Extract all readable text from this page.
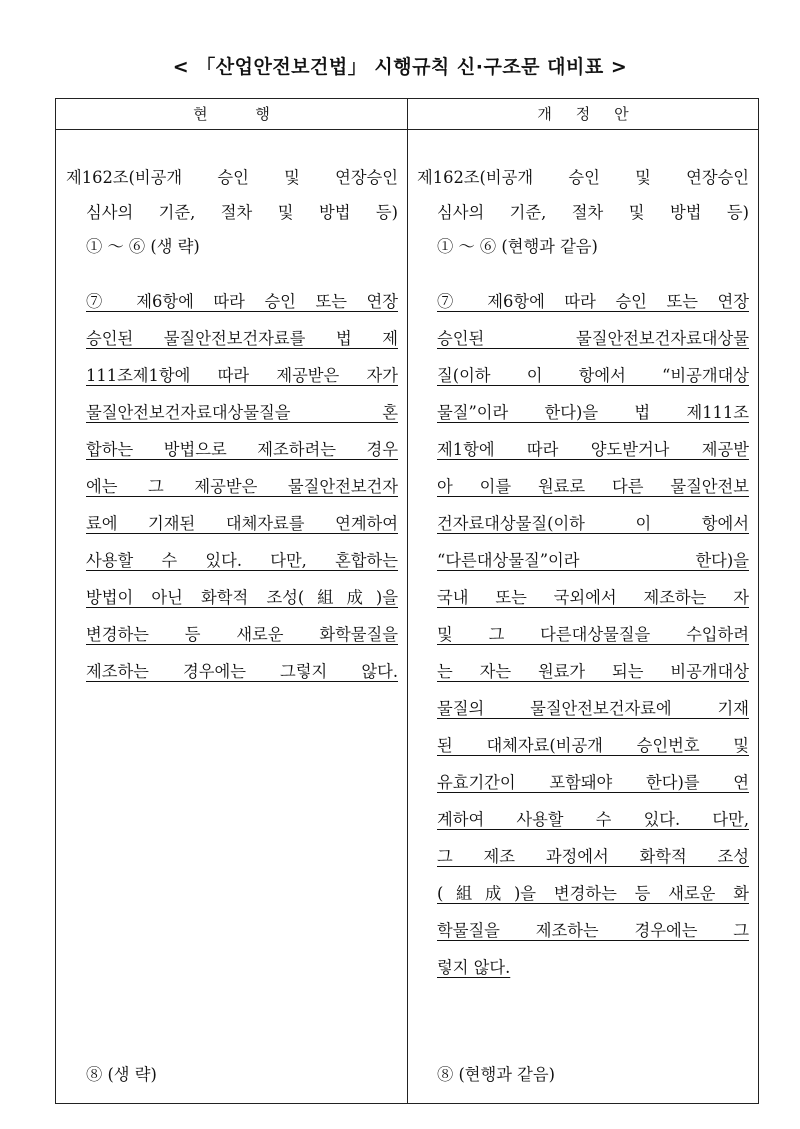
< 「산업안전보건법」 시행규칙 신·구조문 대비표 >
현          행	개     정     안
제162조(비공개 승인 및 연장승인
심사의 기준, 절차 및 방법 등)
① ～ ⑥ (생 략)
⑦ 제6항에 따라 승인 또는 연장
승인된 물질안전보건자료를 법 제
111조제1항에 따라 제공받은 자가
물질안전보건자료대상물질을 혼
합하는 방법으로 제조하려는 경우
에는 그 제공받은 물질안전보건자
료에 기재된 대체자료를 연계하여
사용할 수 있다. 다만, 혼합하는
방법이 아닌 화학적 조성(組成)을
변경하는 등 새로운 화학물질을
제조하는 경우에는 그렇지 않다.
⑧ (생 략)
제162조(비공개 승인 및 연장승인
심사의 기준, 절차 및 방법 등)
① ～ ⑥ (현행과 같음)
⑦ 제6항에 따라 승인 또는 연장
승인된 물질안전보건자료대상물
질(이하 이 항에서 “비공개대상
물질”이라 한다)을 법 제111조
제1항에 따라 양도받거나 제공받
아 이를 원료로 다른 물질안전보
건자료대상물질(이하 이 항에서
“다른대상물질”이라 한다)을
국내 또는 국외에서 제조하는 자
및 그 다른대상물질을 수입하려
는 자는 원료가 되는 비공개대상
물질의 물질안전보건자료에 기재
된 대체자료(비공개 승인번호 및
유효기간이 포함돼야 한다)를 연
계하여 사용할 수 있다. 다만,
그 제조 과정에서 화학적 조성
(組成)을 변경하는 등 새로운 화
학물질을 제조하는 경우에는 그
렇지 않다.
⑧ (현행과 같음)
